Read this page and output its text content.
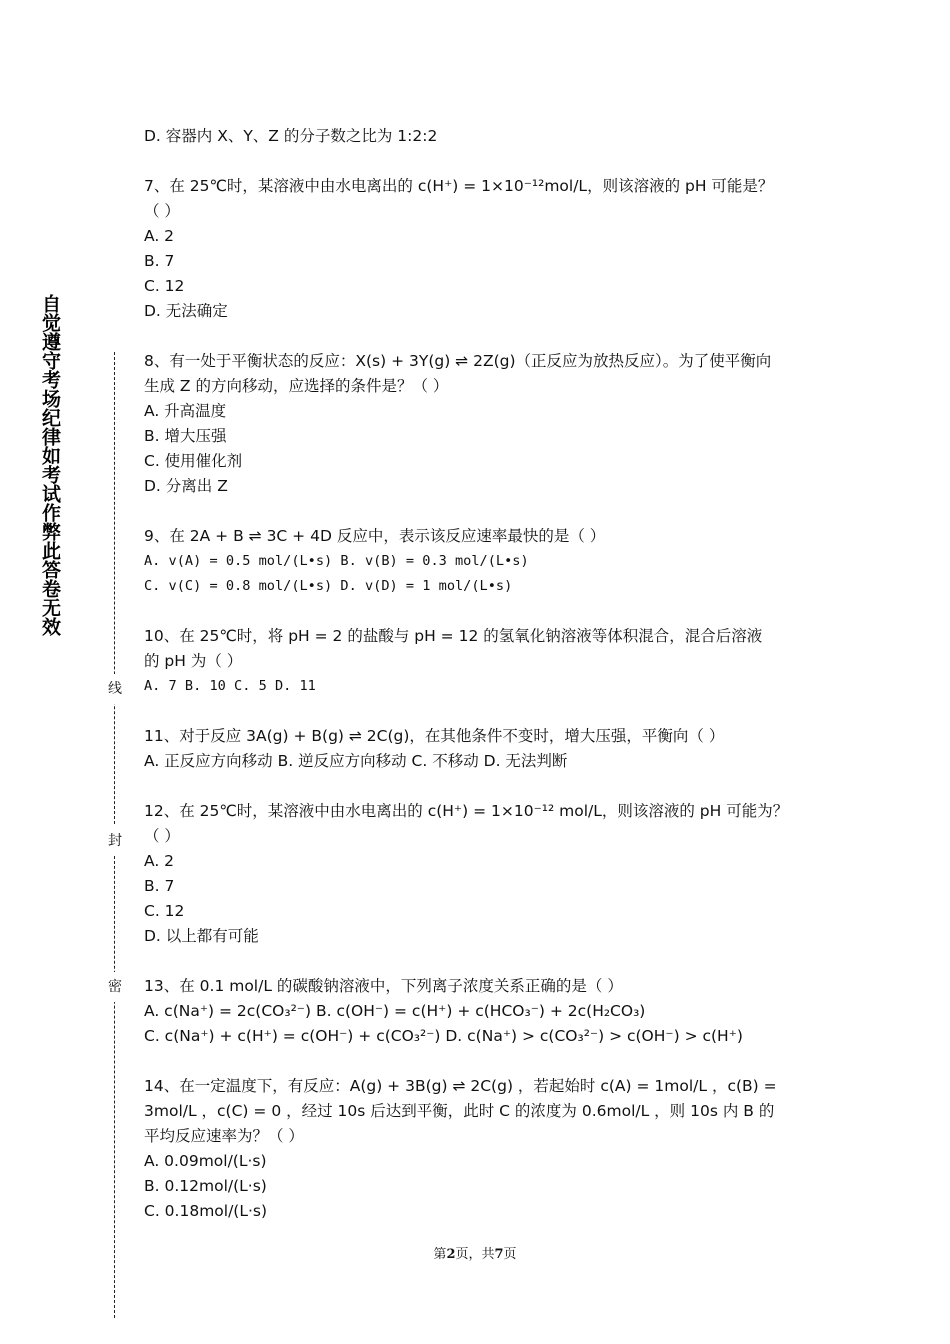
自觉遵守考场纪律如考试作弊此答卷无效
线
封
密
D. 容器内 X、Y、Z 的分子数之比为 1:2:2
7、在 25℃时，某溶液中由水电离出的 c(H⁺) = 1×10⁻¹²mol/L，则该溶液的 pH 可能是？
（ ）
A. 2
B. 7
C. 12
D. 无法确定
8、有一处于平衡状态的反应：X(s) + 3Y(g) ⇌ 2Z(g)（正反应为放热反应）。为了使平衡向
生成 Z 的方向移动，应选择的条件是？（ ）
A. 升高温度
B. 增大压强
C. 使用催化剂
D. 分离出 Z
9、在 2A + B ⇌ 3C + 4D 反应中，表示该反应速率最快的是（ ）
A. v(A) = 0.5 mol/(L•s) B. v(B) = 0.3 mol/(L•s)
C. v(C) = 0.8 mol/(L•s) D. v(D) = 1 mol/(L•s)
10、在 25℃时，将 pH = 2 的盐酸与 pH = 12 的氢氧化钠溶液等体积混合，混合后溶液
的 pH 为（ ）
A. 7 B. 10 C. 5 D. 11
11、对于反应 3A(g) + B(g) ⇌ 2C(g)，在其他条件不变时，增大压强，平衡向（ ）
A. 正反应方向移动 B. 逆反应方向移动 C. 不移动 D. 无法判断
12、在 25℃时，某溶液中由水电离出的 c(H⁺) = 1×10⁻¹² mol/L，则该溶液的 pH 可能为？
（ ）
A. 2
B. 7
C. 12
D. 以上都有可能
13、在 0.1 mol/L 的碳酸钠溶液中，下列离子浓度关系正确的是（ ）
A. c(Na⁺) = 2c(CO₃²⁻) B. c(OH⁻) = c(H⁺) + c(HCO₃⁻) + 2c(H₂CO₃)
C. c(Na⁺) + c(H⁺) = c(OH⁻) + c(CO₃²⁻) D. c(Na⁺) > c(CO₃²⁻) > c(OH⁻) > c(H⁺)
14、在一定温度下，有反应：A(g) + 3B(g) ⇌ 2C(g) ，若起始时 c(A) = 1mol/L ，c(B) =
3mol/L ，c(C) = 0 ，经过 10s 后达到平衡，此时 C 的浓度为 0.6mol/L ，则 10s 内 B 的
平均反应速率为？（ ）
A. 0.09mol/(L·s)
B. 0.12mol/(L·s)
C. 0.18mol/(L·s)
第2页，共7页
